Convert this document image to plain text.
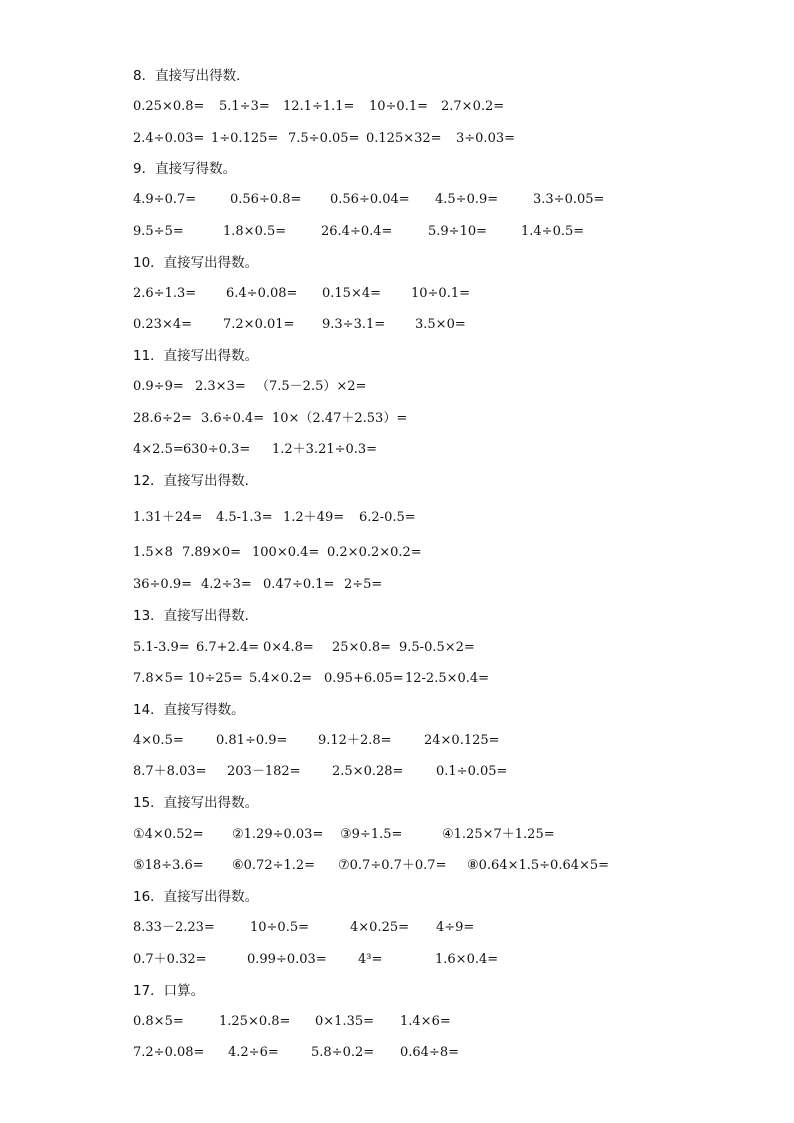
8．直接写出得数．
0.25×0.8= 5.1÷3= 12.1÷1.1= 10÷0.1= 2.7×0.2=
2.4÷0.03= 1÷0.125= 7.5÷0.05= 0.125×32= 3÷0.03=
9．直接写得数。
4.9÷0.7=	0.56÷0.8= 0.56÷0.04= 4.5÷0.9=	3.3÷0.05=
9.5÷5=	1.8×0.5=	26.4÷0.4=	5.9÷10=	1.4÷0.5=
10．直接写出得数。
2.6÷1.3= 6.4÷0.08= 0.15×4= 10÷0.1=
0.23×4= 7.2×0.01= 9.3÷3.1= 3.5×0=
11．直接写出得数。
0.9÷9= 2.3×3= （7.5－2.5）×2=
28.6÷2= 3.6÷0.4= 10×（2.47＋2.53）=
4×2.5= 630÷0.3= 1.2＋3.21÷0.3=
12．直接写出得数．
1.31＋24= 4.5-1.3= 1.2＋49= 6.2-0.5=
1.5×8 7.89×0= 100×0.4= 0.2×0.2×0.2=
36÷0.9= 4.2÷3= 0.47÷0.1= 2÷5=
13．直接写出得数.
5.1-3.9= 6.7+2.4= 0×4.8= 25×0.8= 9.5-0.5×2=
7.8×5= 10÷25= 5.4×0.2= 0.95+6.05= 12-2.5×0.4=
14．直接写得数。
4×0.5= 0.81÷0.9= 9.12＋2.8= 24×0.125=
8.7＋8.03= 203－182= 2.5×0.28=	0.1÷0.05=
15．直接写出得数。
①4×0.52= ②1.29÷0.03= ③9÷1.5=	④1.25×7＋1.25=
⑤18÷3.6= ⑥0.72÷1.2= ⑦0.7÷0.7＋0.7= ⑧0.64×1.5÷0.64×5=
16．直接写出得数。
8.33－2.23=	10÷0.5=	4×0.25= 4÷9=
0.7＋0.32=	0.99÷0.03= 4³=	1.6×0.4=
17．口算。
0.8×5=	1.25×0.8= 0×1.35= 1.4×6=
7.2÷0.08= 4.2÷6= 5.8÷0.2= 0.64÷8=
